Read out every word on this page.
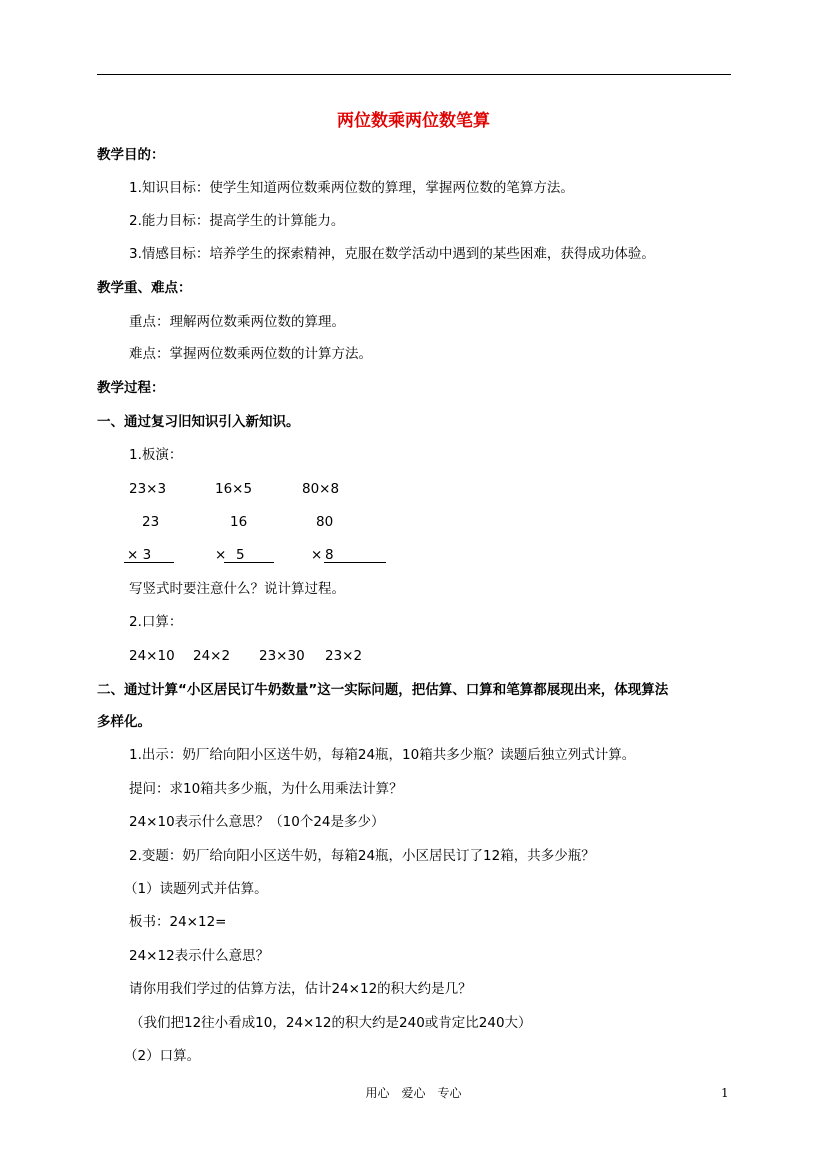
两位数乘两位数笔算
教学目的：
1.知识目标：使学生知道两位数乘两位数的算理，掌握两位数的笔算方法。
2.能力目标：提高学生的计算能力。
3.情感目标：培养学生的探索精神，克服在数学活动中遇到的某些困难，获得成功体验。
教学重、难点：
重点：理解两位数乘两位数的算理。
难点：掌握两位数乘两位数的计算方法。
教学过程：
一、通过复习旧知识引入新知识。
1.板演：
23×3	16×5	80×8
23	16	80
× 3	× 5	× 8
写竖式时要注意什么？说计算过程。
2.口算：
24×10 24×2 23×30 23×2
二、通过计算“小区居民订牛奶数量”这一实际问题，把估算、口算和笔算都展现出来，体现算法
多样化。
1.出示：奶厂给向阳小区送牛奶，每箱24瓶，10箱共多少瓶？读题后独立列式计算。
提问：求10箱共多少瓶，为什么用乘法计算？
24×10表示什么意思？（10个24是多少）
2.变题：奶厂给向阳小区送牛奶，每箱24瓶，小区居民订了12箱，共多少瓶？
（1）读题列式并估算。
板书：24×12=
24×12表示什么意思？
请你用我们学过的估算方法，估计24×12的积大约是几？
（我们把12往小看成10，24×12的积大约是240或肯定比240大）
（2）口算。
用心　爱心　专心	1
